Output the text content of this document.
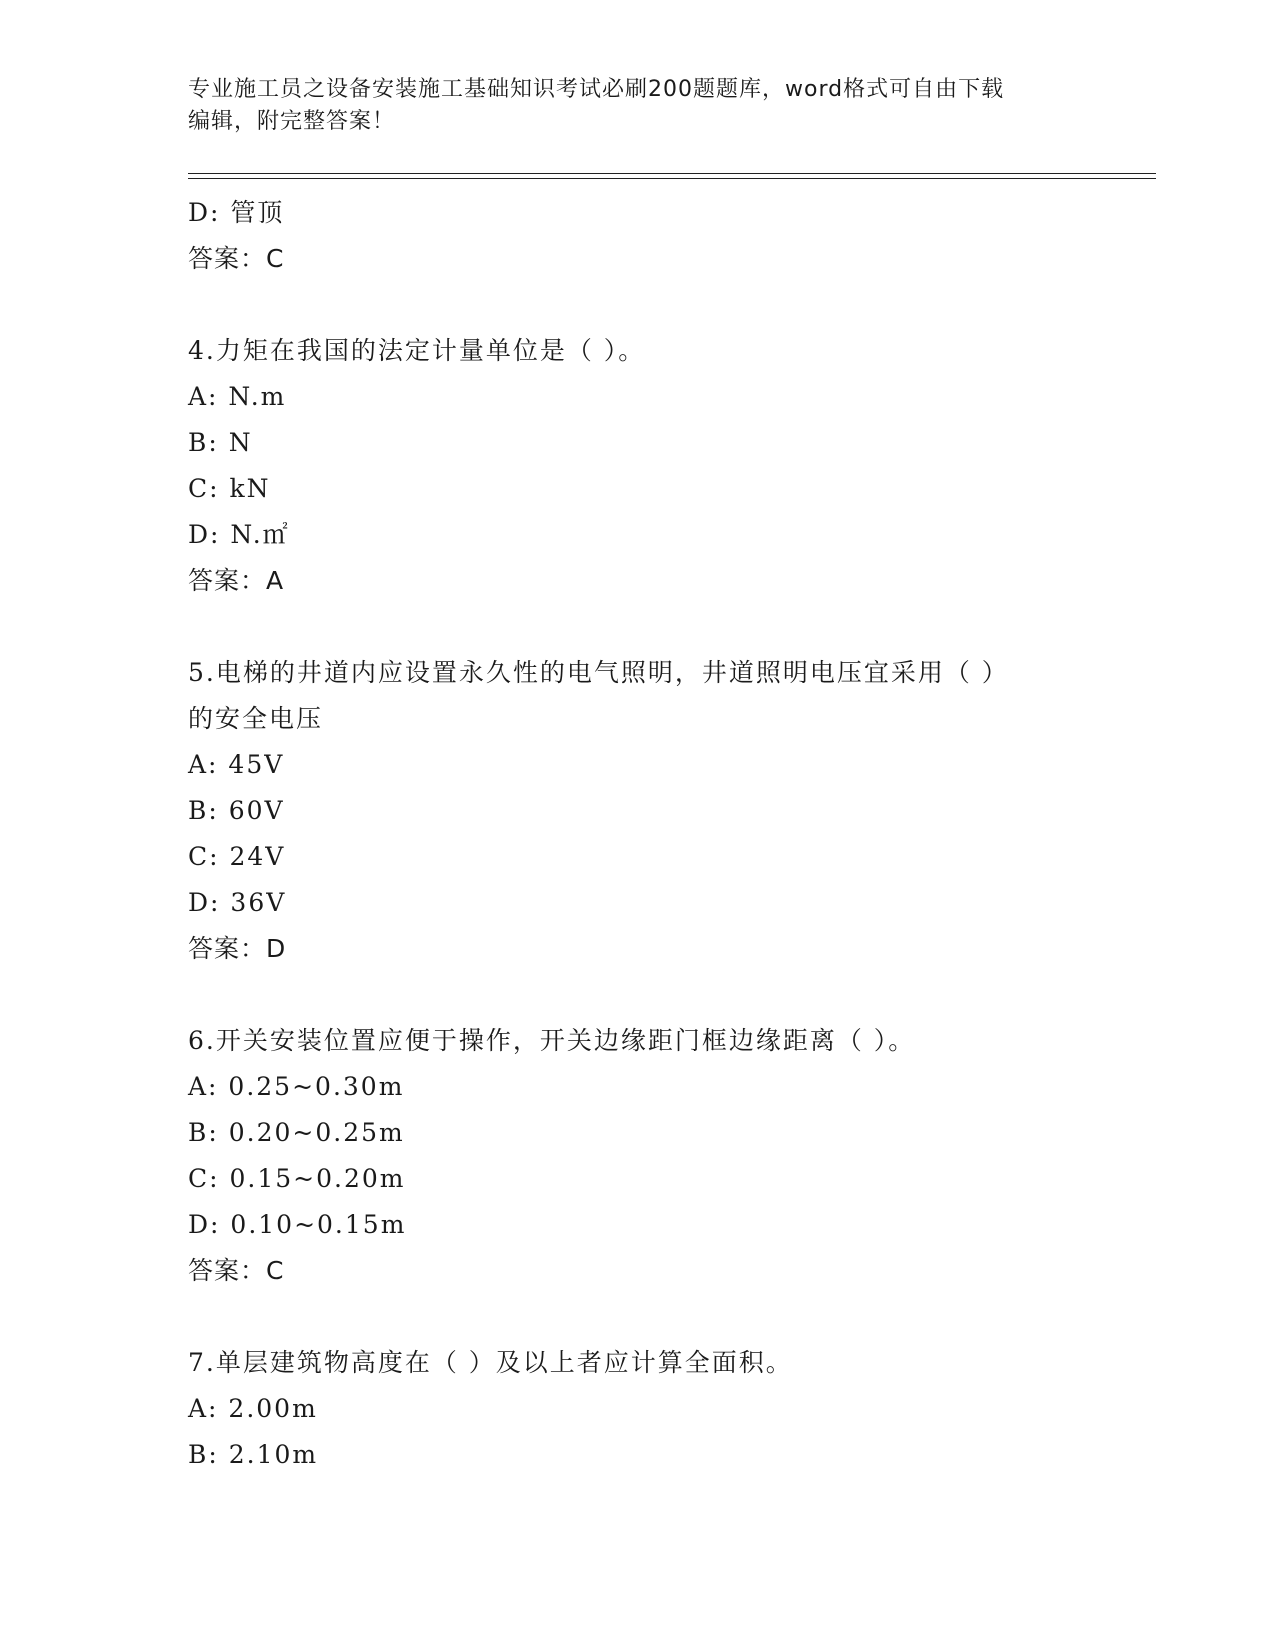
专业施工员之设备安装施工基础知识考试必刷200题题库，word格式可自由下载
编辑，附完整答案！
D: 管顶
答案：C
4.力矩在我国的法定计量单位是（ ）。
A: N.m
B: N
C: kN
D: N.㎡
答案：A
5.电梯的井道内应设置永久性的电气照明，井道照明电压宜采用（ ）
的安全电压
A: 45V
B: 60V
C: 24V
D: 36V
答案：D
6.开关安装位置应便于操作，开关边缘距门框边缘距离（ ）。
A: 0.25~0.30m
B: 0.20~0.25m
C: 0.15~0.20m
D: 0.10~0.15m
答案：C
7.单层建筑物高度在（ ）及以上者应计算全面积。
A: 2.00m
B: 2.10m
